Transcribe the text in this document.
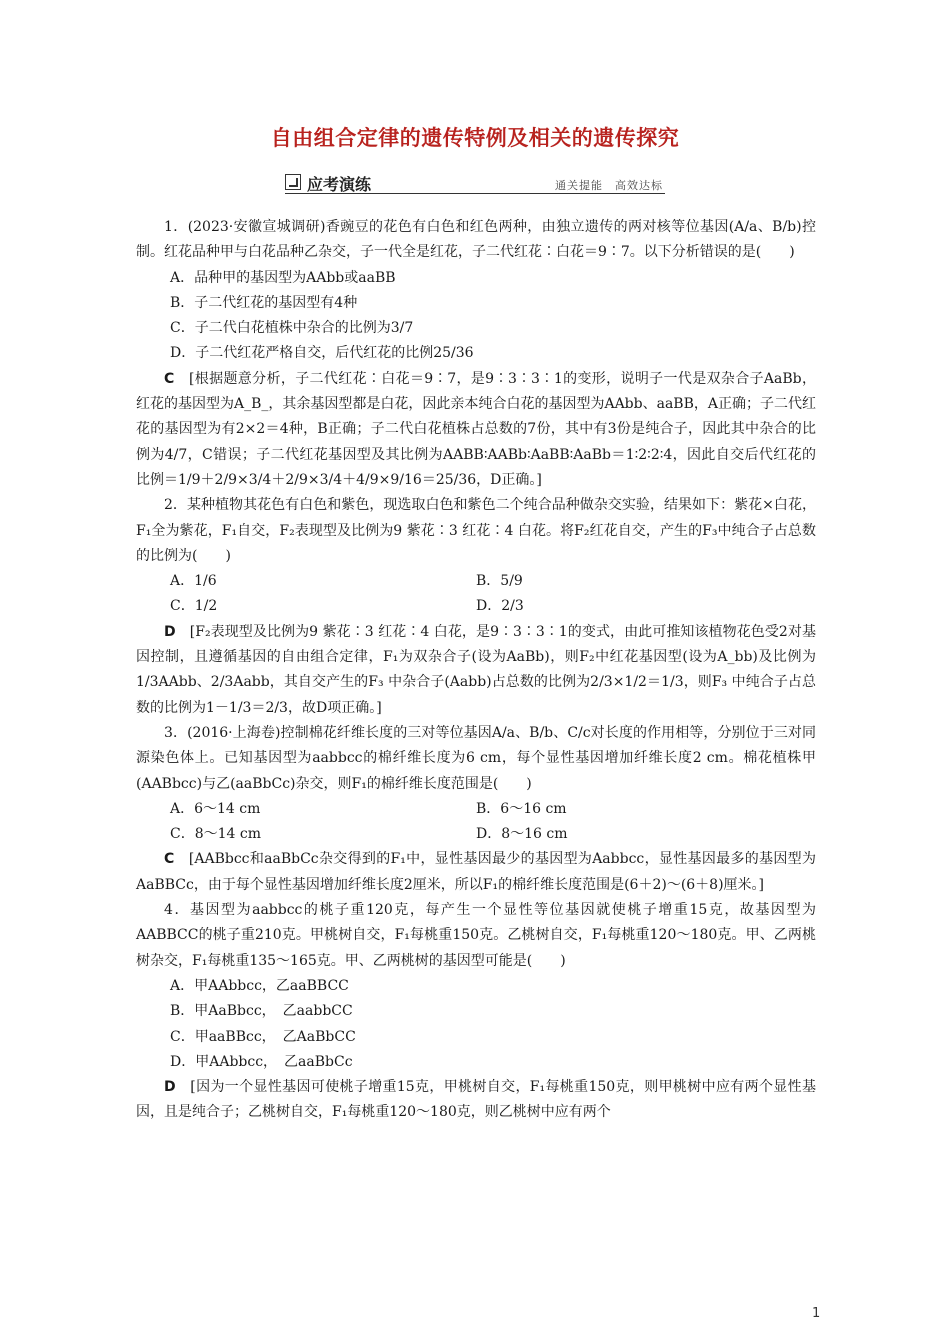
自由组合定律的遗传特例及相关的遗传探究
应考演练	通关提能　高效达标

1．(2023·安徽宣城调研)香豌豆的花色有白色和红色两种，由独立遗传的两对核等位基因(A/a、B/b)控制。红花品种甲与白花品种乙杂交，子一代全是红花，子二代红花∶白花＝9∶7。以下分析错误的是(　　)

A．品种甲的基因型为AAbb或aaBB

B．子二代红花的基因型有4种

C．子二代白花植株中杂合的比例为3/7

D．子二代红花严格自交，后代红花的比例25/36

C　[根据题意分析，子二代红花∶白花＝9∶7，是9∶3∶3∶1的变形，说明子一代是双杂合子AaBb，红花的基因型为A_B_，其余基因型都是白花，因此亲本纯合白花的基因型为AAbb、aaBB，A正确；子二代红花的基因型为有2×2＝4种，B正确；子二代白花植株占总数的7份，其中有3份是纯合子，因此其中杂合的比例为4/7，C错误；子二代红花基因型及其比例为AABB∶AABb∶AaBB∶AaBb＝1∶2∶2∶4，因此自交后代红花的比例＝1/9＋2/9×3/4＋2/9×3/4＋4/9×9/16＝25/36，D正确。]

2．某种植物其花色有白色和紫色，现选取白色和紫色二个纯合品种做杂交实验，结果如下：紫花×白花，F₁全为紫花，F₁自交，F₂表现型及比例为9 紫花∶3 红花∶4 白花。将F₂红花自交，产生的F₃中纯合子占总数的比例为(　　)

A．1/6	B．5/9
C．1/2	D．2/3

D　[F₂表现型及比例为9 紫花∶3 红花∶4 白花，是9∶3∶3∶1的变式，由此可推知该植物花色受2对基因控制，且遵循基因的自由组合定律，F₁为双杂合子(设为AaBb)，则F₂中红花基因型(设为A_bb)及比例为1/3AAbb、2/3Aabb，其自交产生的F₃ 中杂合子(Aabb)占总数的比例为2/3×1/2＝1/3，则F₃ 中纯合子占总数的比例为1－1/3＝2/3，故D项正确。]

3．(2016·上海卷)控制棉花纤维长度的三对等位基因A/a、B/b、C/c对长度的作用相等，分别位于三对同源染色体上。已知基因型为aabbcc的棉纤维长度为6 cm，每个显性基因增加纤维长度2 cm。棉花植株甲(AABbcc)与乙(aaBbCc)杂交，则F₁的棉纤维长度范围是(　　)

A．6～14 cm	B．6～16 cm
C．8～14 cm	D．8～16 cm

C　[AABbcc和aaBbCc杂交得到的F₁中，显性基因最少的基因型为Aabbcc，显性基因最多的基因型为AaBBCc，由于每个显性基因增加纤维长度2厘米，所以F₁的棉纤维长度范围是(6＋2)～(6＋8)厘米。]

4．基因型为aabbcc的桃子重120克，每产生一个显性等位基因就使桃子增重15克，故基因型为AABBCC的桃子重210克。甲桃树自交，F₁每桃重150克。乙桃树自交，F₁每桃重120～180克。甲、乙两桃树杂交，F₁每桃重135～165克。甲、乙两桃树的基因型可能是(　　)

A．甲AAbbcc，乙aaBBCC

B．甲AaBbcc，　乙aabbCC

C．甲aaBBcc，　乙AaBbCC

D．甲AAbbcc，　乙aaBbCc

D　[因为一个显性基因可使桃子增重15克，甲桃树自交，F₁每桃重150克，则甲桃树中应有两个显性基因，且是纯合子；乙桃树自交，F₁每桃重120～180克，则乙桃树中应有两个

1
